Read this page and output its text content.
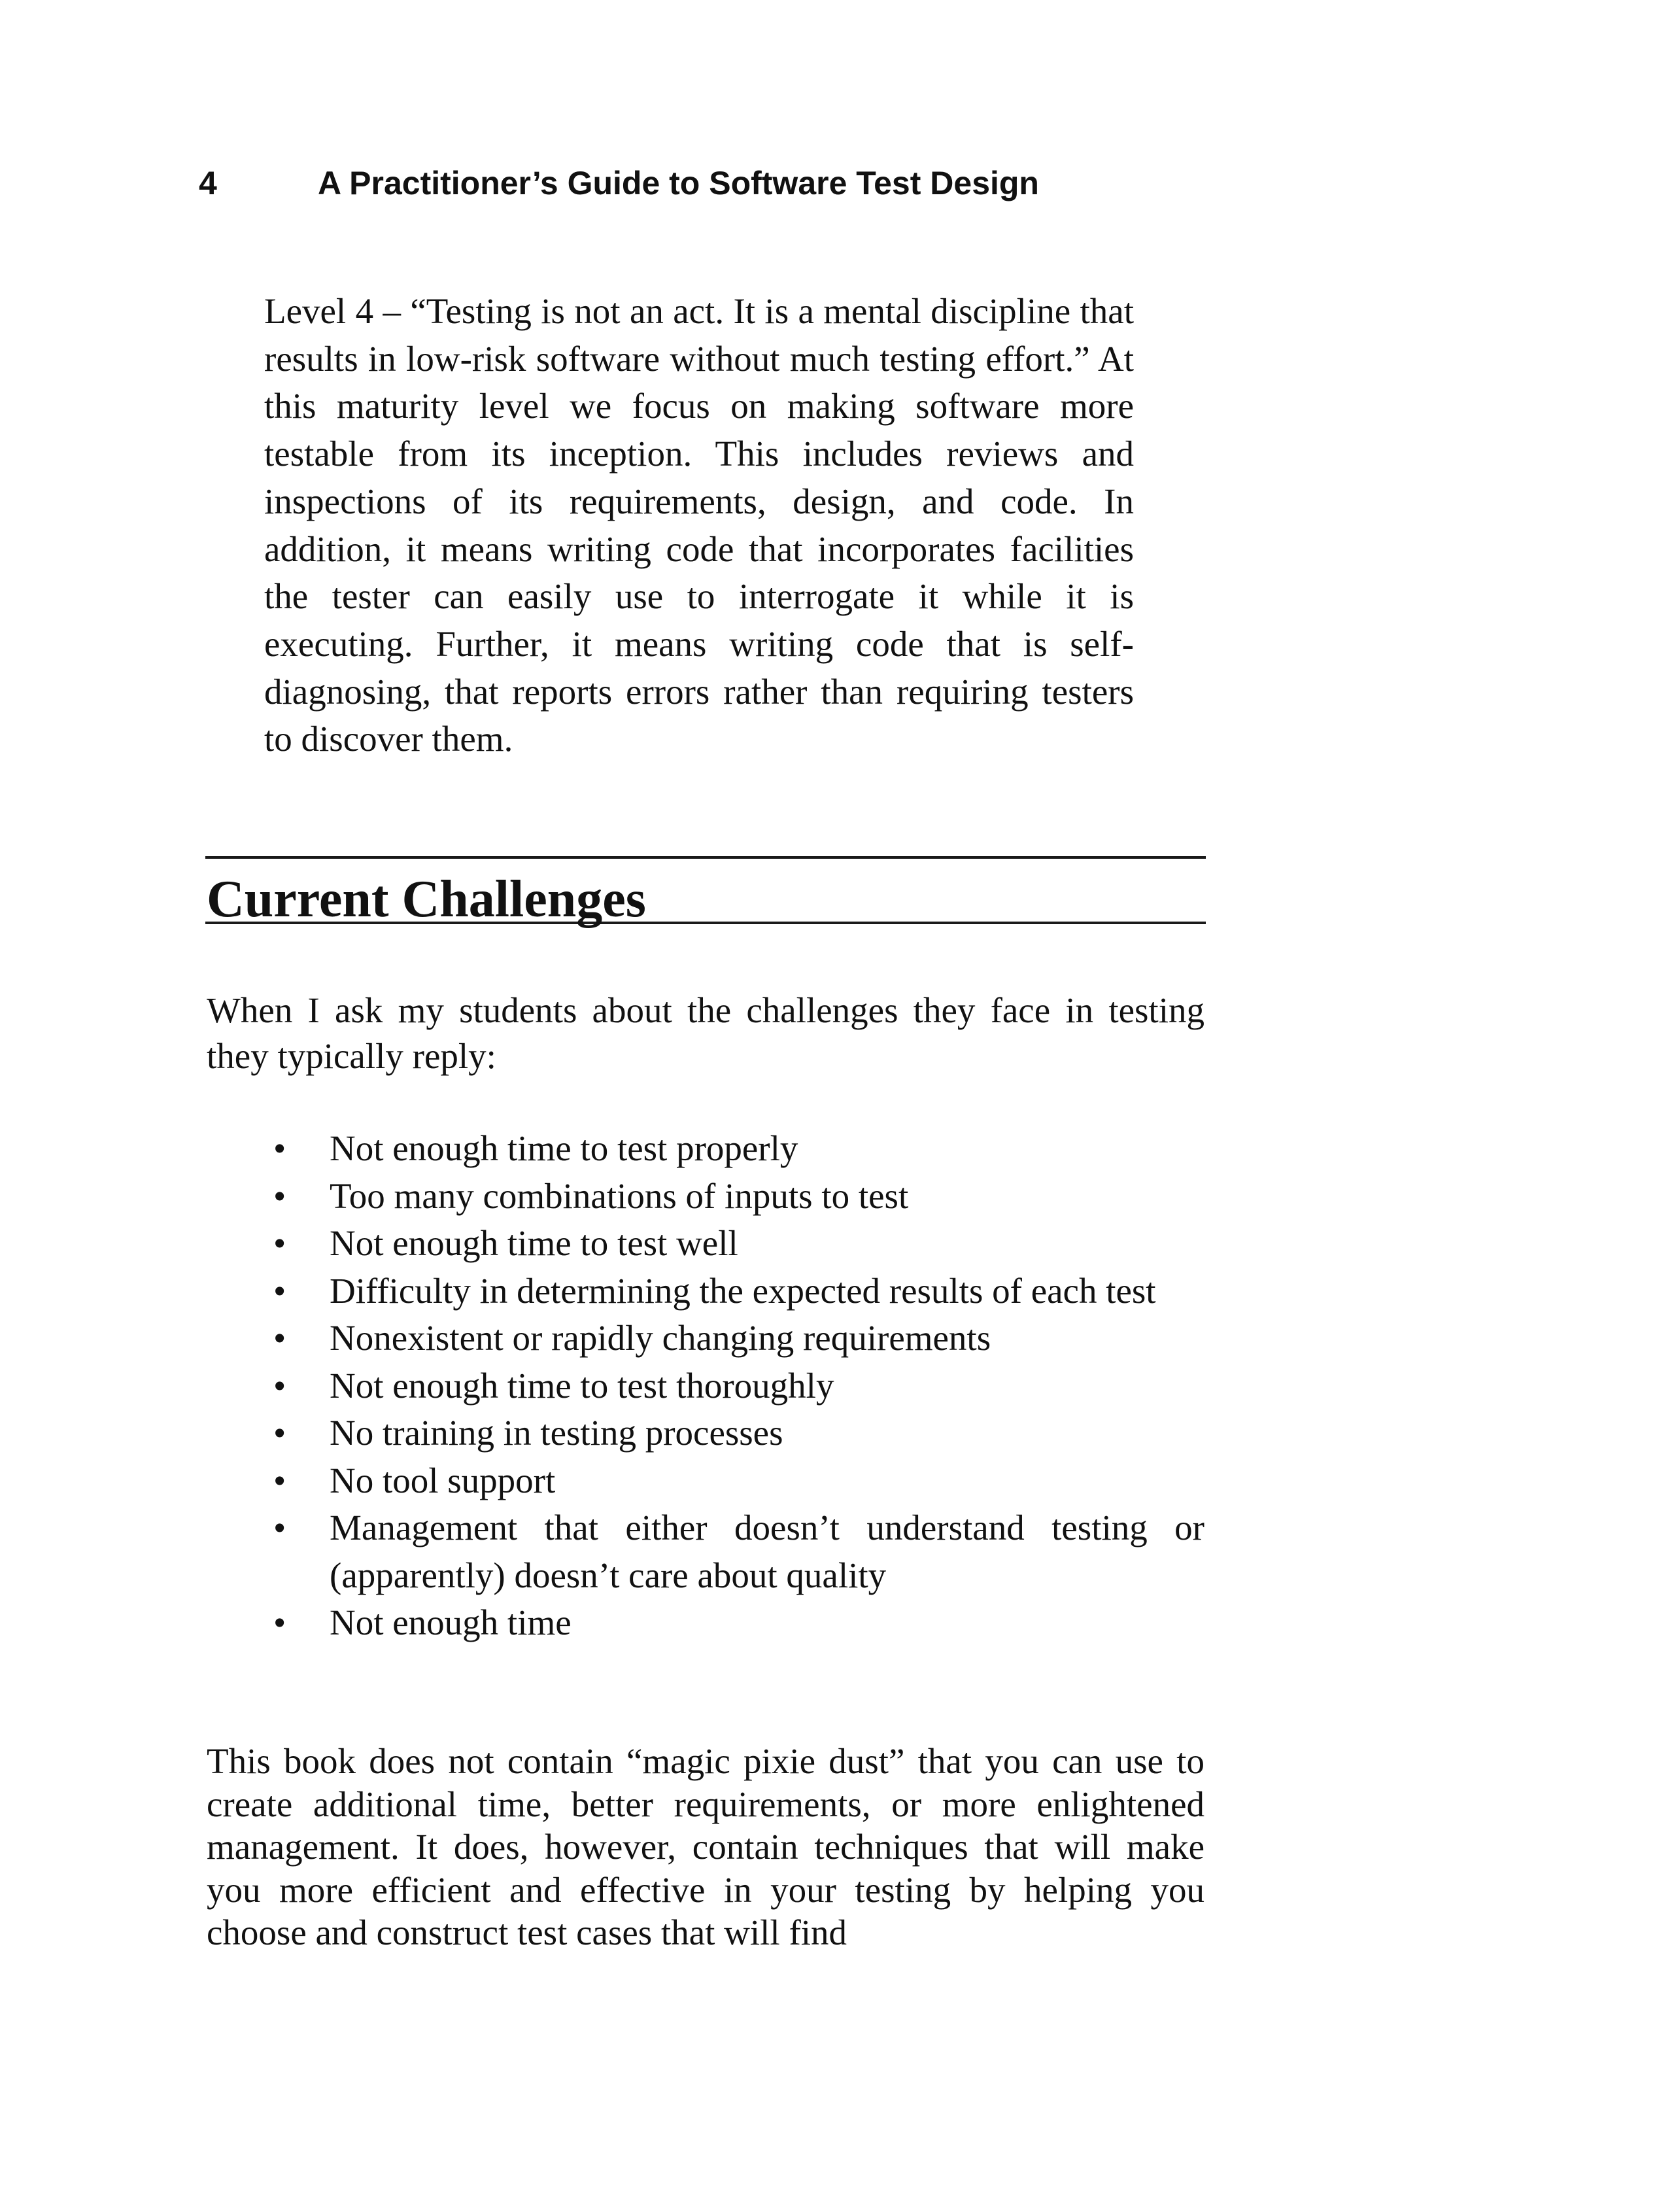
4	A Practitioner’s Guide to Software Test Design
Level 4 – “Testing is not an act. It is a mental discipline that results in low-risk software without much testing effort.” At this maturity level we focus on making software more testable from its inception. This includes reviews and inspections of its requirements, design, and code. In addition, it means writing code that incorporates facilities the tester can easily use to interrogate it while it is executing. Further, it means writing code that is self-diagnosing, that reports errors rather than requiring testers to discover them.
Current Challenges
When I ask my students about the challenges they face in testing they typically reply:
• Not enough time to test properly
• Too many combinations of inputs to test
• Not enough time to test well
• Difficulty in determining the expected results of each test
• Nonexistent or rapidly changing requirements
• Not enough time to test thoroughly
• No training in testing processes
• No tool support
• Management that either doesn’t understand testing or (apparently) doesn’t care about quality
• Not enough time
This book does not contain “magic pixie dust” that you can use to create additional time, better requirements, or more enlightened management. It does, however, contain techniques that will make you more efficient and effective in your testing by helping you choose and construct test cases that will find
